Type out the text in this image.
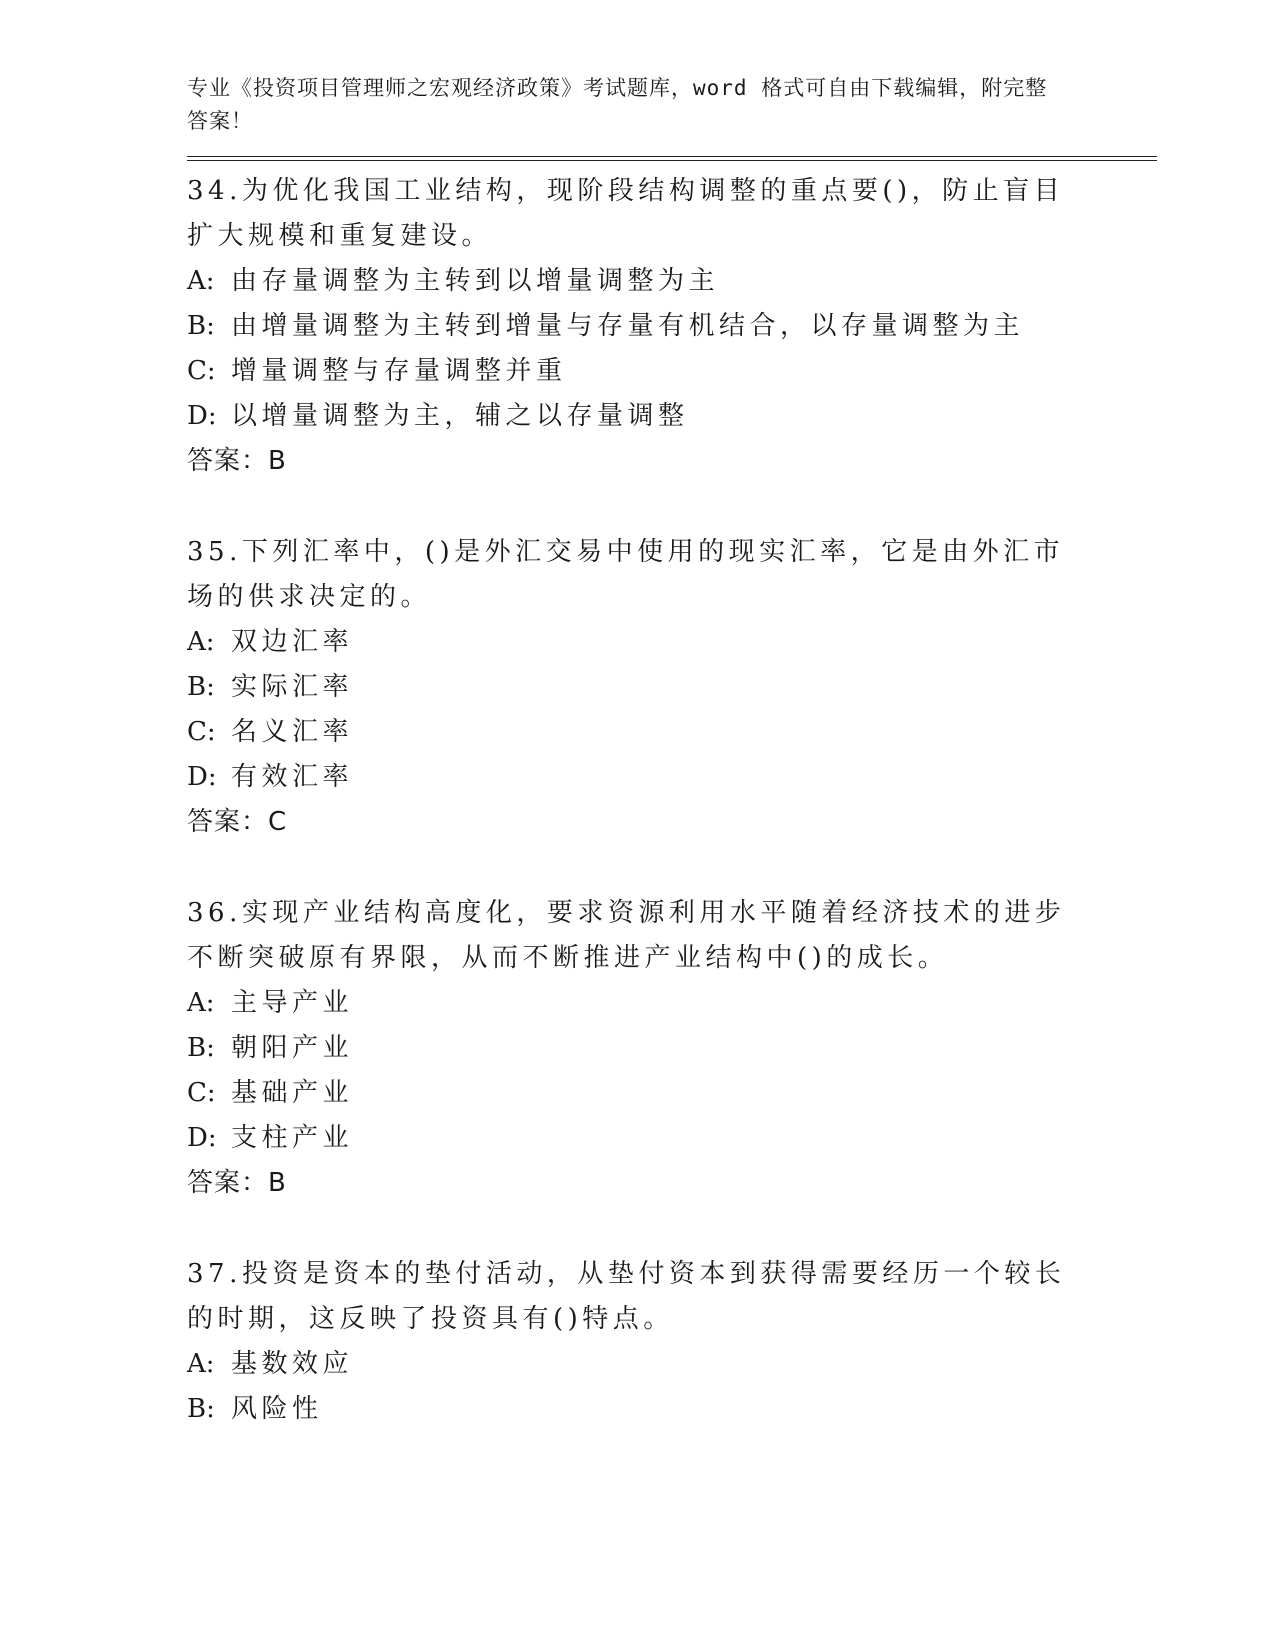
专业《投资项目管理师之宏观经济政策》考试题库，word 格式可自由下载编辑，附完整答案！
34.为优化我国工业结构，现阶段结构调整的重点要()，防止盲目扩大规模和重复建设。
A: 由存量调整为主转到以增量调整为主
B: 由增量调整为主转到增量与存量有机结合，以存量调整为主
C: 增量调整与存量调整并重
D: 以增量调整为主，辅之以存量调整
答案：B
35.下列汇率中，()是外汇交易中使用的现实汇率，它是由外汇市场的供求决定的。
A: 双边汇率
B: 实际汇率
C: 名义汇率
D: 有效汇率
答案：C
36.实现产业结构高度化，要求资源利用水平随着经济技术的进步不断突破原有界限，从而不断推进产业结构中()的成长。
A: 主导产业
B: 朝阳产业
C: 基础产业
D: 支柱产业
答案：B
37.投资是资本的垫付活动，从垫付资本到获得需要经历一个较长的时期，这反映了投资具有()特点。
A: 基数效应
B: 风险性
